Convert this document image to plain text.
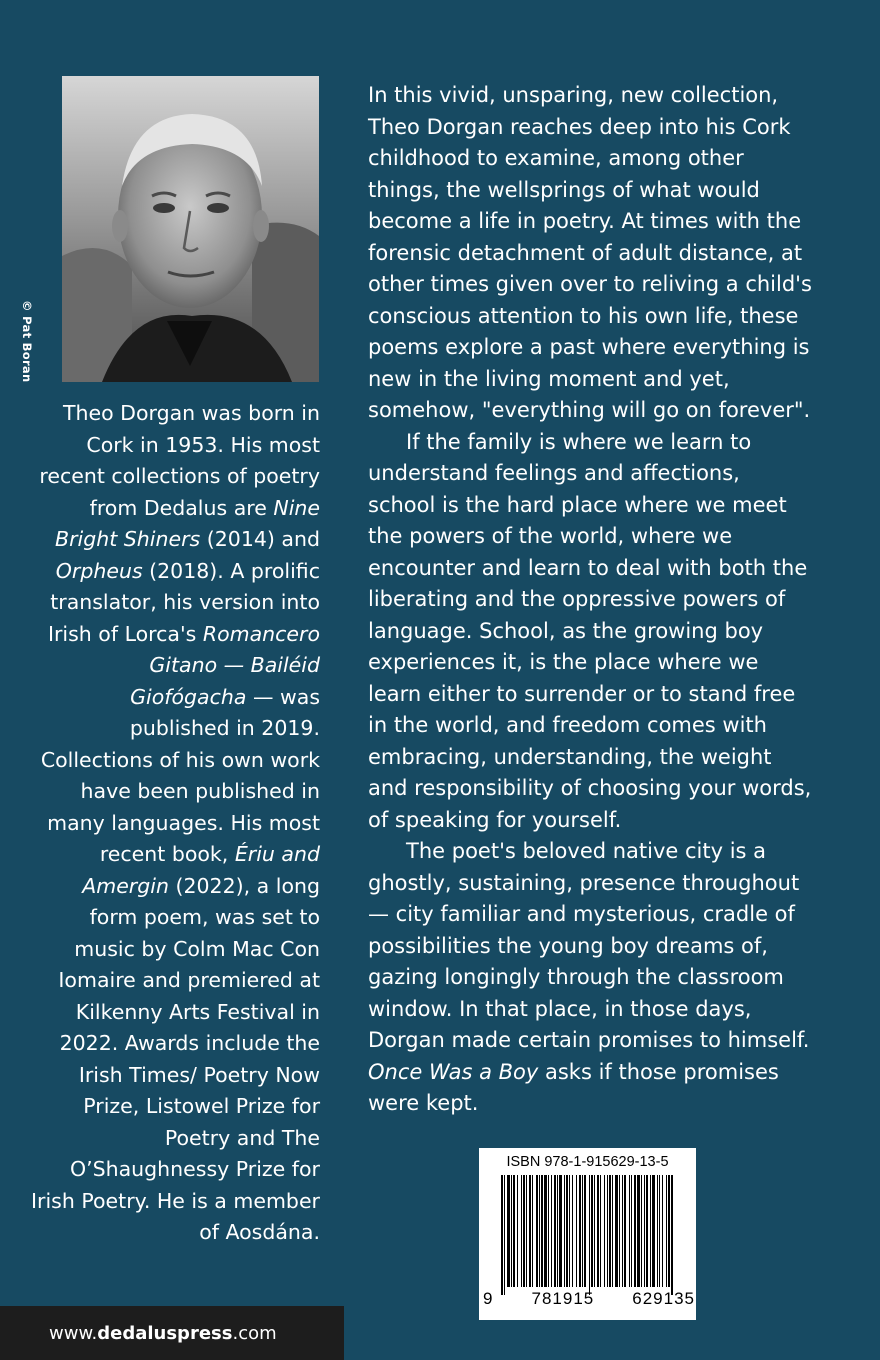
© Pat Boran

Theo Dorgan was born in Cork in 1953. His most recent collections of poetry from Dedalus are Nine Bright Shiners (2014) and Orpheus (2018). A prolific translator, his version into Irish of Lorca's Romancero Gitano — Bailéid Giofógacha — was published in 2019. Collections of his own work have been published in many languages. His most recent book, Ériu and Amergin (2022), a long form poem, was set to music by Colm Mac Con Iomaire and premiered at Kilkenny Arts Festival in 2022. Awards include the Irish Times/ Poetry Now Prize, Listowel Prize for Poetry and The O’Shaughnessy Prize for Irish Poetry. He is a member of Aosdána.

In this vivid, unsparing, new collection, Theo Dorgan reaches deep into his Cork childhood to examine, among other things, the wellsprings of what would become a life in poetry. At times with the forensic detachment of adult distance, at other times given over to reliving a child's conscious attention to his own life, these poems explore a past where everything is new in the living moment and yet, somehow, "everything will go on forever".

If the family is where we learn to understand feelings and affections, school is the hard place where we meet the powers of the world, where we encounter and learn to deal with both the liberating and the oppressive powers of language. School, as the growing boy experiences it, is the place where we learn either to surrender or to stand free in the world, and freedom comes with embracing, understanding, the weight and responsibility of choosing your words, of speaking for yourself.

The poet's beloved native city is a ghostly, sustaining, presence throughout — city familiar and mysterious, cradle of possibilities the young boy dreams of, gazing longingly through the classroom window. In that place, in those days, Dorgan made certain promises to himself. Once Was a Boy asks if those promises were kept.

ISBN 978-1-915629-13-5
9 781915 629135
www. dedaluspress .com
